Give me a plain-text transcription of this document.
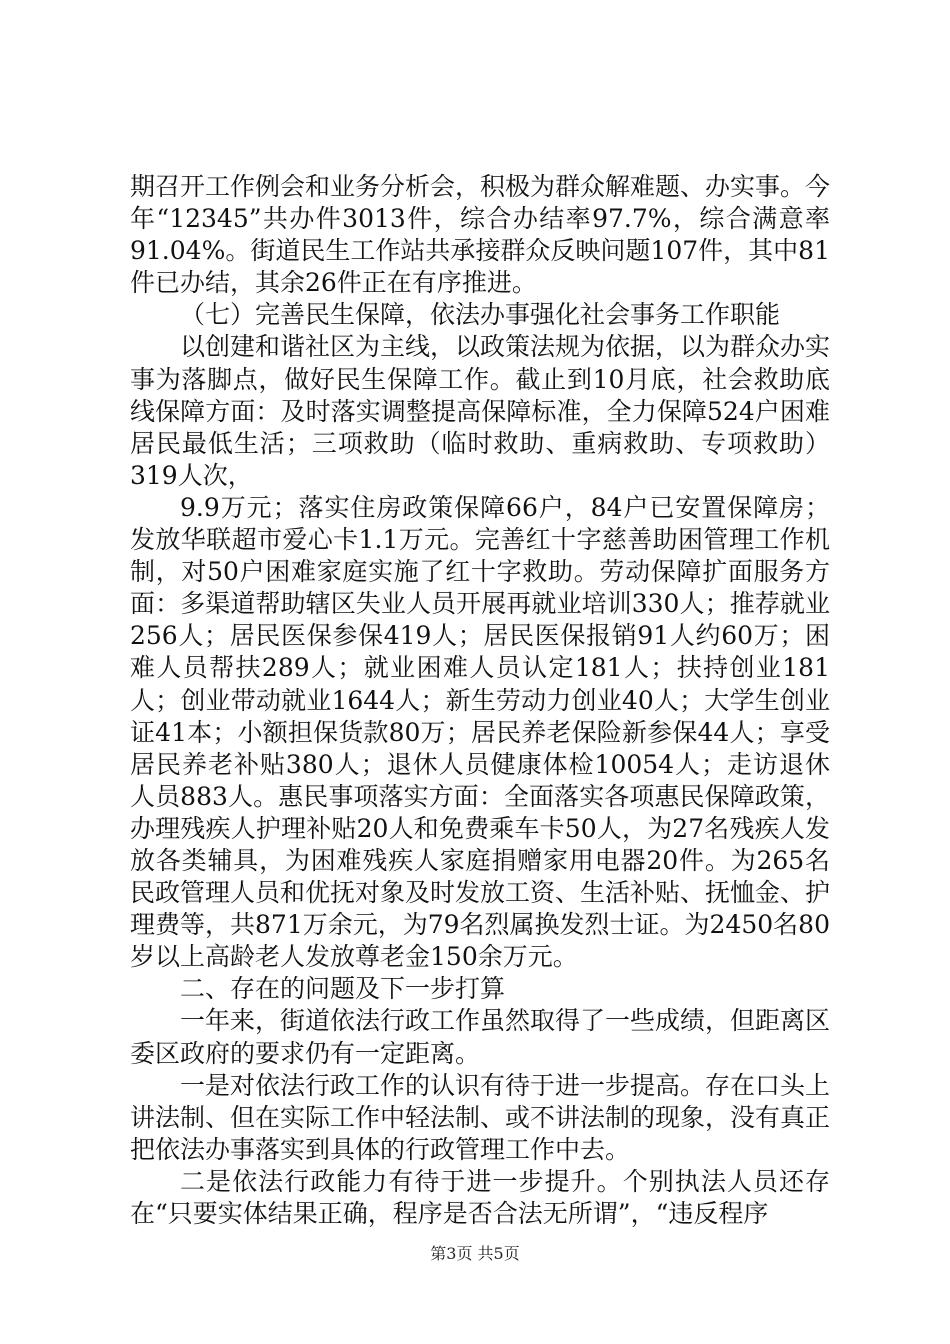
期召开工作例会和业务分析会，积极为群众解难题、办实事。今年“12345”共办件3013件，综合办结率97.7%，综合满意率91.04%。街道民生工作站共承接群众反映问题107件，其中81件已办结，其余26件正在有序推进。

（七）完善民生保障，依法办事强化社会事务工作职能

以创建和谐社区为主线，以政策法规为依据，以为群众办实事为落脚点，做好民生保障工作。截止到10月底，社会救助底线保障方面：及时落实调整提高保障标准，全力保障524户困难居民最低生活；三项救助（临时救助、重病救助、专项救助）319人次，

9.9万元；落实住房政策保障66户，84户已安置保障房；发放华联超市爱心卡1.1万元。完善红十字慈善助困管理工作机制，对50户困难家庭实施了红十字救助。劳动保障扩面服务方面：多渠道帮助辖区失业人员开展再就业培训330人；推荐就业256人；居民医保参保419人；居民医保报销91人约60万；困难人员帮扶289人；就业困难人员认定181人；扶持创业181人；创业带动就业1644人；新生劳动力创业40人；大学生创业证41本；小额担保货款80万；居民养老保险新参保44人；享受居民养老补贴380人；退休人员健康体检10054人；走访退休人员883人。惠民事项落实方面：全面落实各项惠民保障政策，办理残疾人护理补贴20人和免费乘车卡50人，为27名残疾人发放各类辅具，为困难残疾人家庭捐赠家用电器20件。为265名民政管理人员和优抚对象及时发放工资、生活补贴、抚恤金、护理费等，共871万余元，为79名烈属换发烈士证。为2450名80岁以上高龄老人发放尊老金150余万元。

二、存在的问题及下一步打算

一年来，街道依法行政工作虽然取得了一些成绩，但距离区委区政府的要求仍有一定距离。

一是对依法行政工作的认识有待于进一步提高。存在口头上讲法制、但在实际工作中轻法制、或不讲法制的现象，没有真正把依法办事落实到具体的行政管理工作中去。

二是依法行政能力有待于进一步提升。个别执法人员还存在“只要实体结果正确，程序是否合法无所谓”，“违反程序

第3页 共5页
